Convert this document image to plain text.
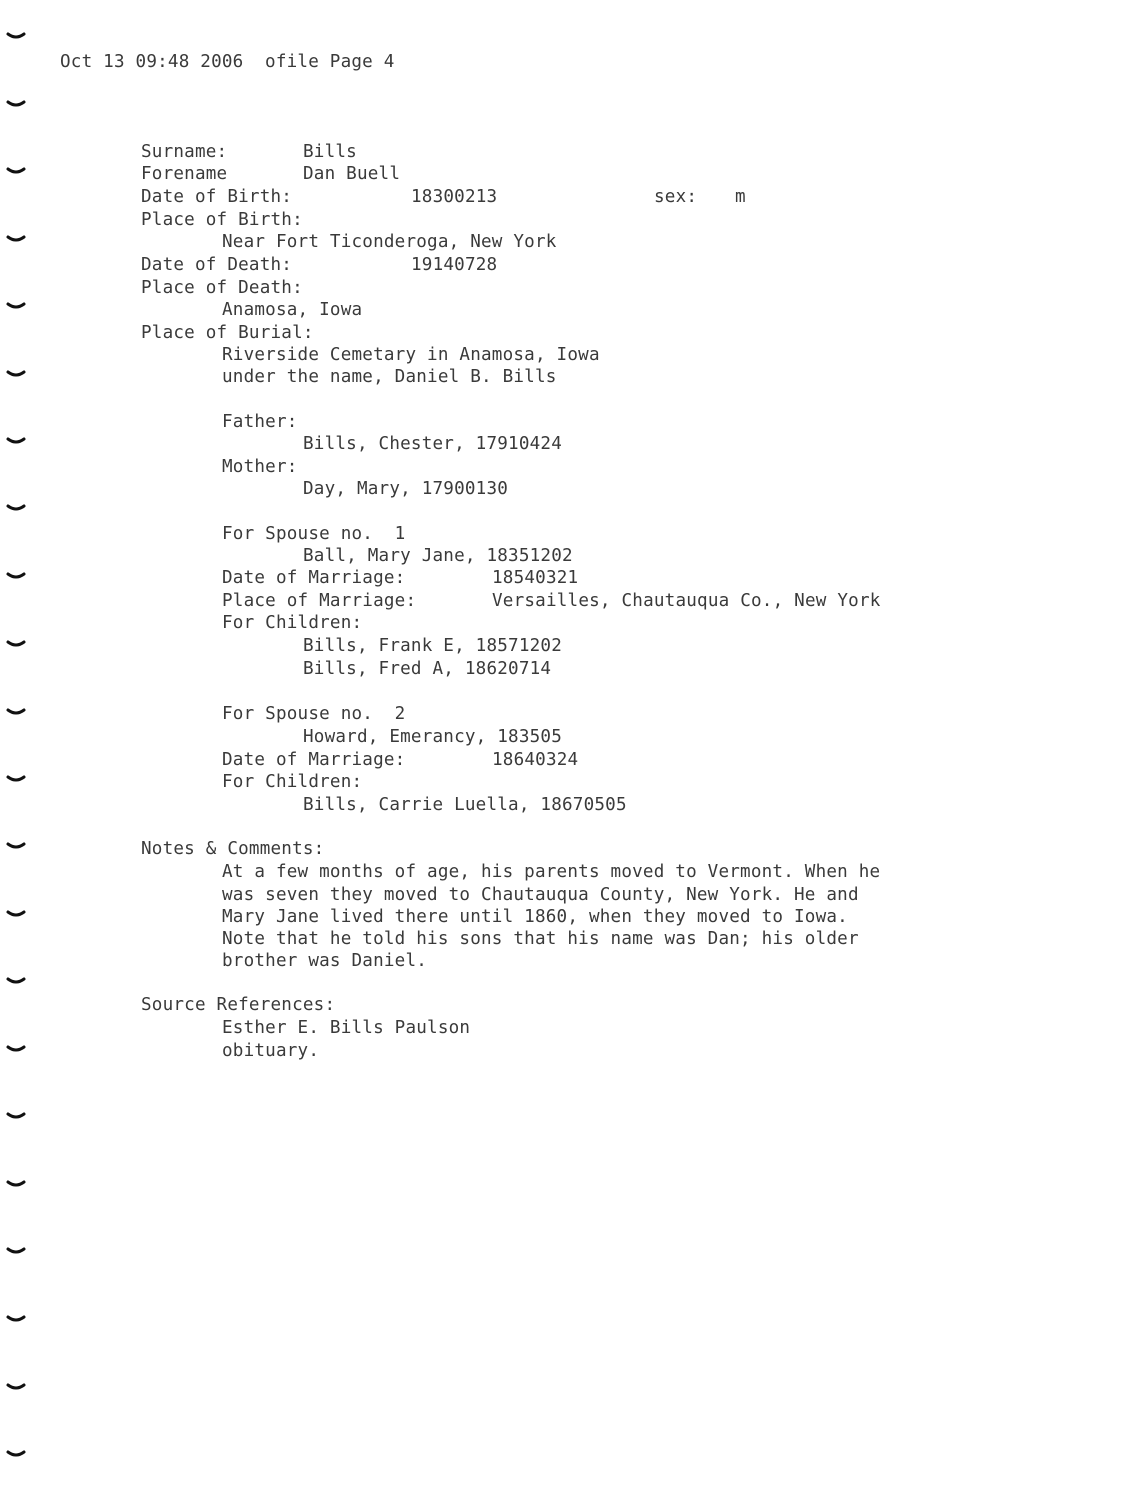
Oct 13 09:48 2006  ofile Page 4
Surname:	Bills
Forename	Dan Buell
Date of Birth:	18300213	sex: m
Place of Birth:
Near Fort Ticonderoga, New York
Date of Death:	19140728
Place of Death:
Anamosa, Iowa
Place of Burial:
Riverside Cemetary in Anamosa, Iowa
under the name, Daniel B. Bills
Father:
Bills, Chester, 17910424
Mother:
Day, Mary, 17900130
For Spouse no.  1
Ball, Mary Jane, 18351202
Date of Marriage:	18540321
Place of Marriage:	Versailles, Chautauqua Co., New York
For Children:
Bills, Frank E, 18571202
Bills, Fred A, 18620714
For Spouse no.  2
Howard, Emerancy, 183505
Date of Marriage:	18640324
For Children:
Bills, Carrie Luella, 18670505
Notes & Comments:
At a few months of age, his parents moved to Vermont. When he
was seven they moved to Chautauqua County, New York. He and
Mary Jane lived there until 1860, when they moved to Iowa.
Note that he told his sons that his name was Dan; his older
brother was Daniel.
Source References:
Esther E. Bills Paulson
obituary.
